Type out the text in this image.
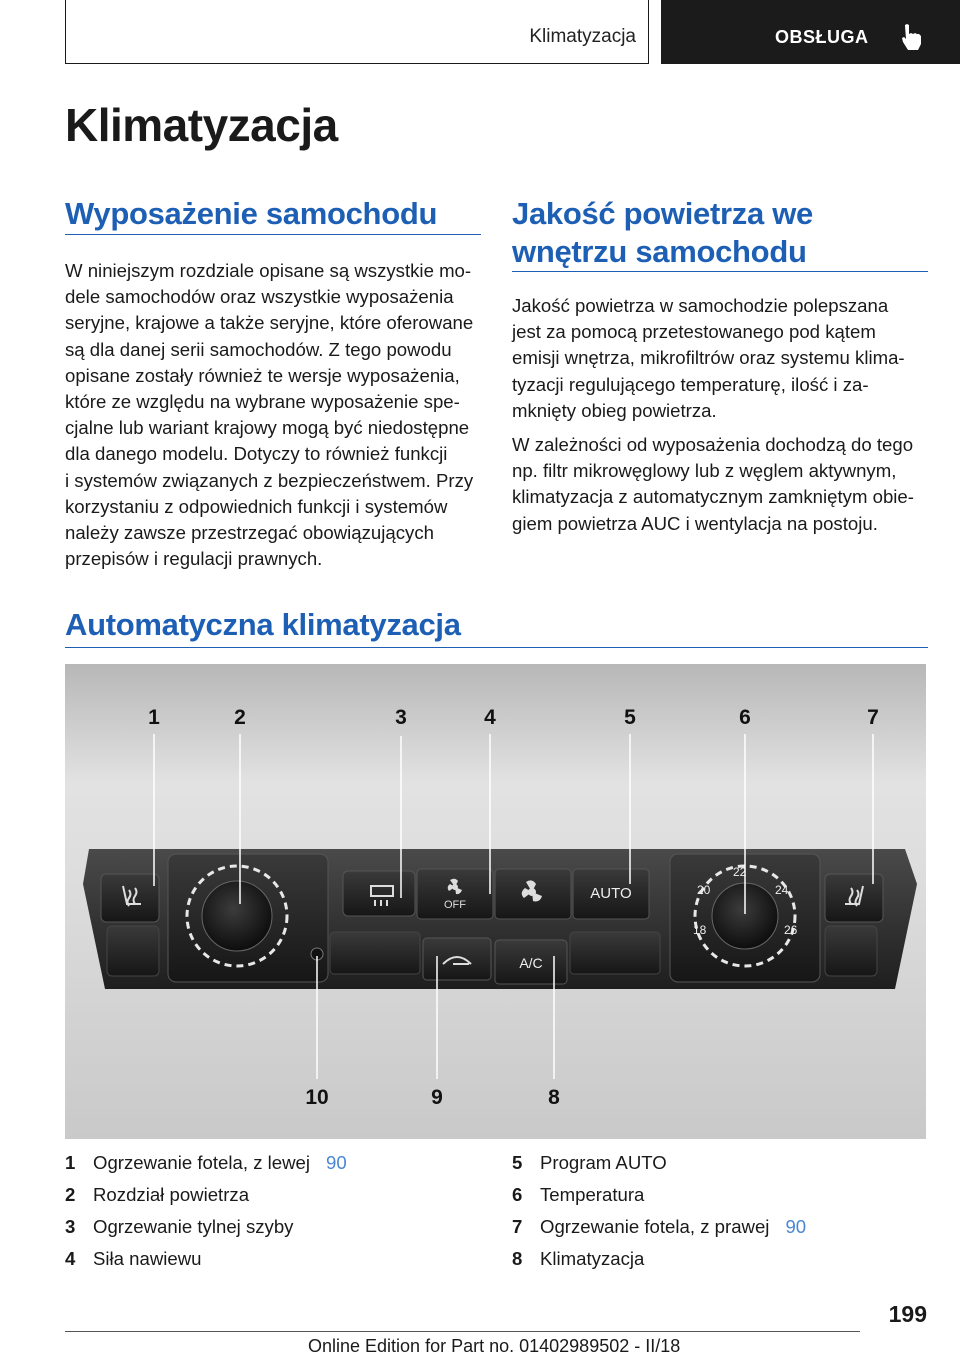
Klimatyzacja	OBSŁUGA
Klimatyzacja
Wyposażenie samochodu
W niniejszym rozdziale opisane są wszystkie mo-
dele samochodów oraz wszystkie wyposażenia
seryjne, krajowe a także seryjne, które oferowane
są dla danej serii samochodów. Z tego powodu
opisane zostały również te wersje wyposażenia,
które ze względu na wybrane wyposażenie spe-
cjalne lub wariant krajowy mogą być niedostępne
dla danego modelu. Dotyczy to również funkcji
i systemów związanych z bezpieczeństwem. Przy
korzystaniu z odpowiednich funkcji i systemów
należy zawsze przestrzegać obowiązujących
przepisów i regulacji prawnych.
Jakość powietrza we
wnętrzu samochodu

Jakość powietrza w samochodzie polepszana
jest za pomocą przetestowanego pod kątem
emisji wnętrza, mikrofiltrów oraz systemu klima-
tyzacji regulującego temperaturę, ilość i za-
mknięty obieg powietrza.

W zależności od wyposażenia dochodzą do tego
np. filtr mikrowęglowy lub z węglem aktywnym,
klimatyzacja z automatycznym zamkniętym obie-
giem powietrza AUC i wentylacja na postoju.

Automatyczna klimatyzacja
OFF
AUTO
A/C
18
20
22
24
26
1	2	3	4	5	6	7
10	9	8
1 Ogrzewanie fotela, z lewej 90
2 Rozdział powietrza
3 Ogrzewanie tylnej szyby
4 Siła nawiewu
5 Program AUTO
6 Temperatura
7 Ogrzewanie fotela, z prawej 90
8 Klimatyzacja
199
Online Edition for Part no. 01402989502 - II/18
